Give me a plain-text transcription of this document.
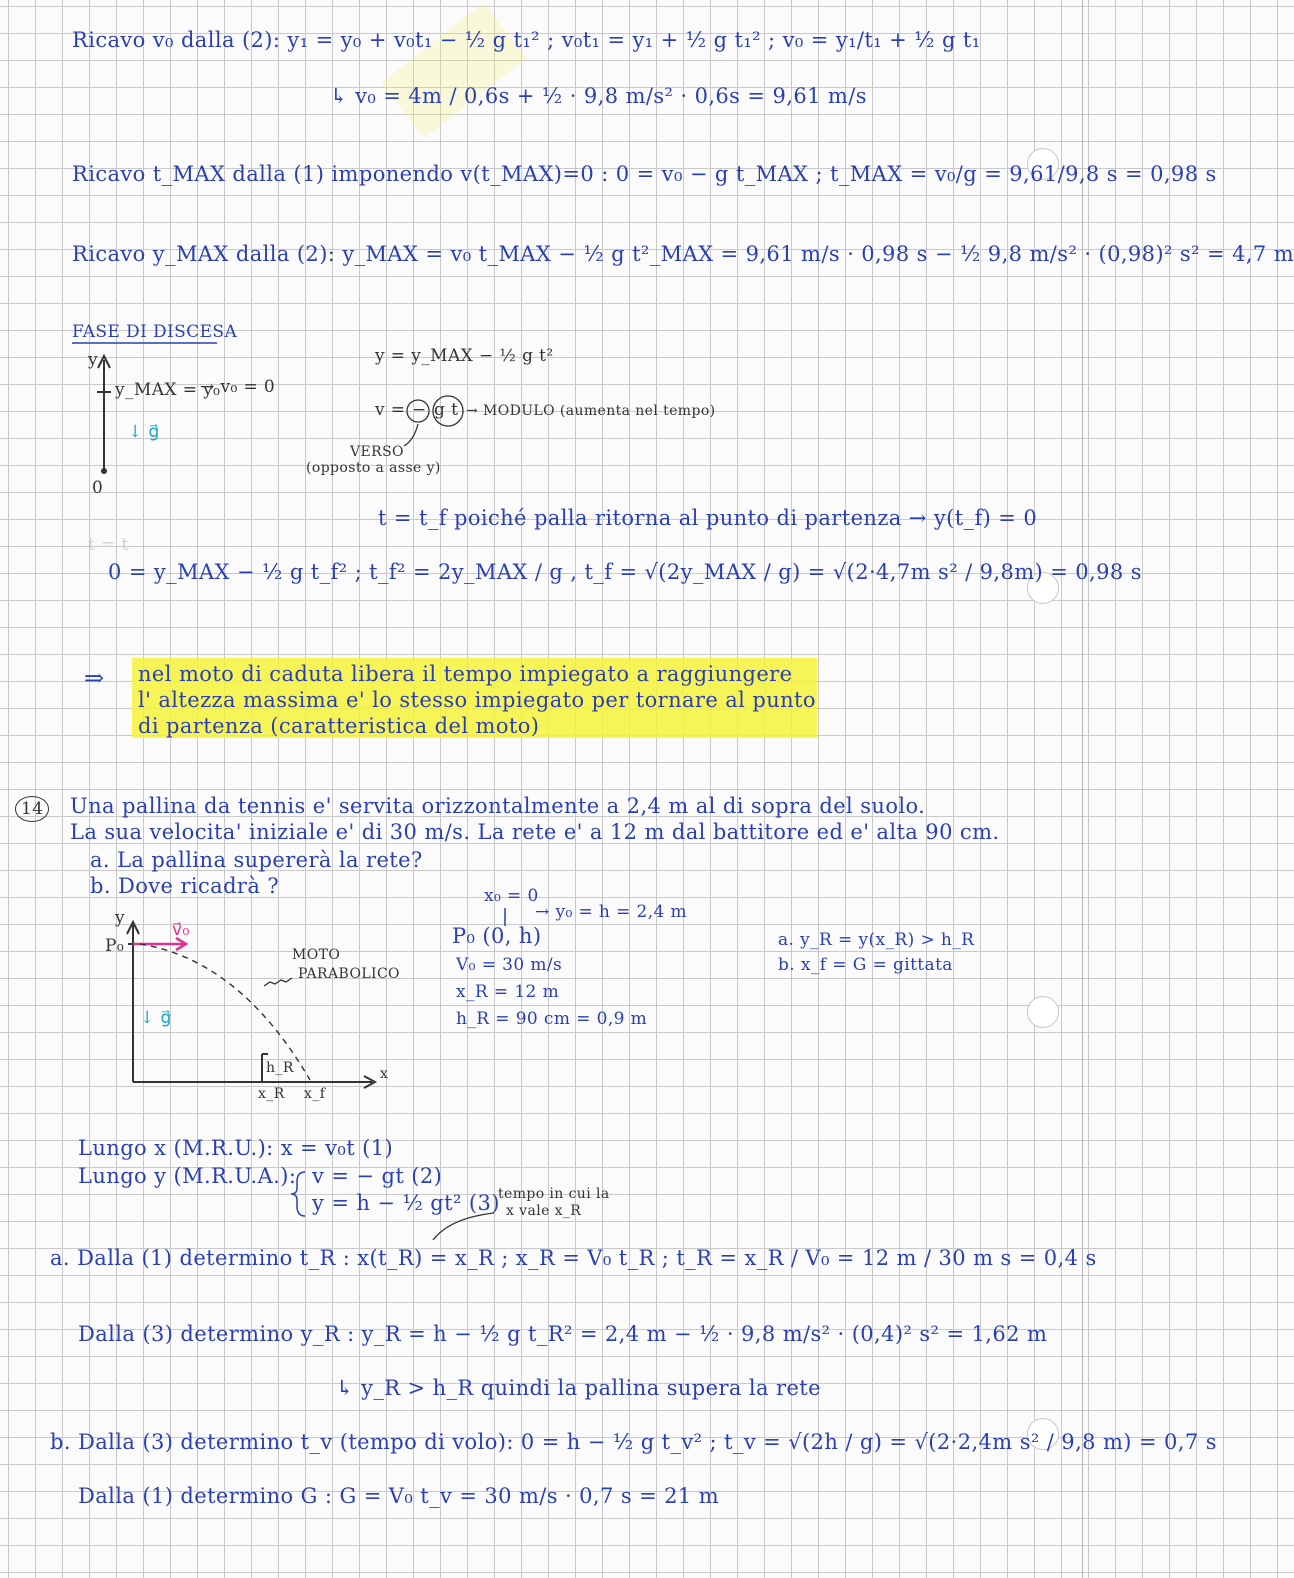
Ricavo v₀ dalla (2): y₁ = y₀ + v₀t₁ − ½ g t₁² ; v₀t₁ = y₁ + ½ g t₁² ; v₀ = y₁/t₁ + ½ g t₁
↳ v₀ = 4m / 0,6s + ½ · 9,8 m/s² · 0,6s = 9,61 m/s
Ricavo t_MAX dalla (1) imponendo v(t_MAX)=0 : 0 = v₀ − g t_MAX ; t_MAX = v₀/g = 9,61/9,8 s = 0,98 s
Ricavo y_MAX dalla (2): y_MAX = v₀ t_MAX − ½ g t²_MAX = 9,61 m/s · 0,98 s − ½ 9,8 m/s² · (0,98)² s² = 4,7 m
FASE DI DISCESA
y
y_MAX = y₀
→ v₀ = 0
↓ g⃗
0
y = y_MAX − ½ g t²
v = − g t → MODULO (aumenta nel tempo)
VERSO
(opposto a asse y)
t = t_f poiché palla ritorna al punto di partenza → y(t_f) = 0
t = t
0 = y_MAX − ½ g t_f² ; t_f² = 2y_MAX / g , t_f = √(2y_MAX / g) = √(2·4,7m s² / 9,8m) = 0,98 s
⇒ nel moto di caduta libera il tempo impiegato a raggiungere
l' altezza massima e' lo stesso impiegato per tornare al punto
di partenza (caratteristica del moto)
14 Una pallina da tennis e' servita orizzontalmente a 2,4 m al di sopra del suolo.
La sua velocita' iniziale e' di 30 m/s. La rete e' a 12 m dal battitore ed e' alta 90 cm.
a. La pallina supererà la rete?
b. Dove ricadrà ?
y
P₀
v⃗₀
MOTO
PARABOLICO
↓ g⃗
h_R
x_R x_f
x
x₀ = 0
→ y₀ = h = 2,4 m
P₀ (0, h)
V₀ = 30 m/s
x_R = 12 m
h_R = 90 cm = 0,9 m
a. y_R = y(x_R) > h_R
b. x_f = G = gittata
Lungo x (M.R.U.): x = v₀t (1)
Lungo y (M.R.U.A.): v = − gt (2)
y = h − ½ gt² (3)
tempo in cui la
x vale x_R
a. Dalla (1) determino t_R : x(t_R) = x_R ; x_R = V₀ t_R ; t_R = x_R / V₀ = 12 m / 30 m s = 0,4 s
Dalla (3) determino y_R : y_R = h − ½ g t_R² = 2,4 m − ½ · 9,8 m/s² · (0,4)² s² = 1,62 m
↳ y_R > h_R quindi la pallina supera la rete
b. Dalla (3) determino t_v (tempo di volo): 0 = h − ½ g t_v² ; t_v = √(2h / g) = √(2·2,4m s² / 9,8 m) = 0,7 s
Dalla (1) determino G : G = V₀ t_v = 30 m/s · 0,7 s = 21 m
